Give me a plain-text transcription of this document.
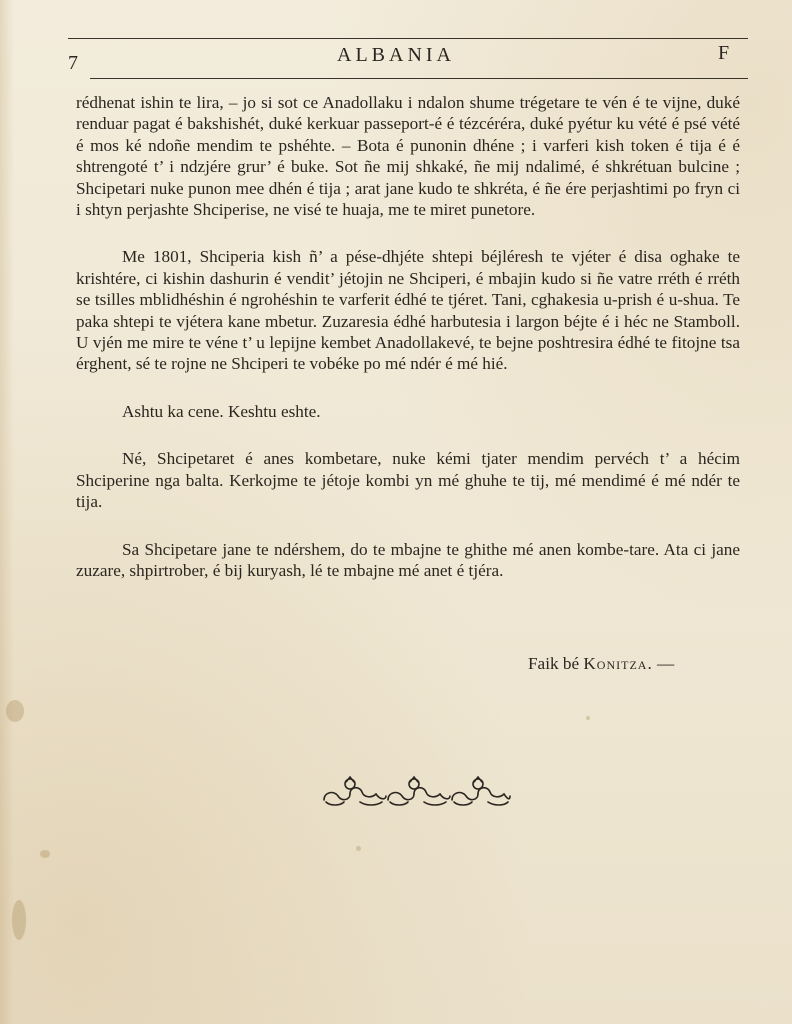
7	ALBANIA	F

rédhenat ishin te lira, – jo si sot ce Anadollaku i ndalon shume trégetare te vén é te vijne, duké renduar pagat é bakshishét, duké kerkuar passeport-é é tézcéréra, duké pyétur ku vété é psé vété é mos ké ndoñe mendim te pshéhte. – Bota é punonin dhéne ; i varferi kish token é tija é é shtrengoté t’ i ndzjére grur’ é buke. Sot ñe mij shkaké, ñe mij ndalimé, é shkrétuan bulcine ; Shcipetari nuke punon mee dhén é tija ; arat jane kudo te shkréta, é ñe ére perjashtimi po fryn ci i shtyn perjashte Shciperise, ne visé te huaja, me te miret punetore.

Me 1801, Shciperia kish ñ’ a pése-dhjéte shtepi béjléresh te vjéter é disa oghake te krishtére, ci kishin dashurin é vendit’ jétojin ne Shciperi, é mbajin kudo si ñe vatre rréth é rréth se tsilles mblidhéshin é ngrohéshin te varferit édhé te tjéret. Tani, cghakesia u-prish é u-shua. Te paka shtepi te vjétera kane mbetur. Zuzaresia édhé harbutesia i largon béjte é i héc ne Stamboll. U vjén me mire te véne t’ u lepijne kembet Anadollakevé, te bejne poshtresira édhé te fitojne tsa érghent, sé te rojne ne Shciperi te vobéke po mé ndér é mé hié.

Ashtu ka cene. Keshtu eshte.

Né, Shcipetaret é anes kombetare, nuke kémi tjater mendim pervéch t’ a hécim Shciperine nga balta. Kerkojme te jétoje kombi yn mé ghuhe te tij, mé mendimé é mé ndér te tija.

Sa Shcipetare jane te ndérshem, do te mbajne te ghithe mé anen kombe-tare. Ata ci jane zuzare, shpirtrober, é bij kuryash, lé te mbajne mé anet é tjéra.

Faik bé Konitza. —
